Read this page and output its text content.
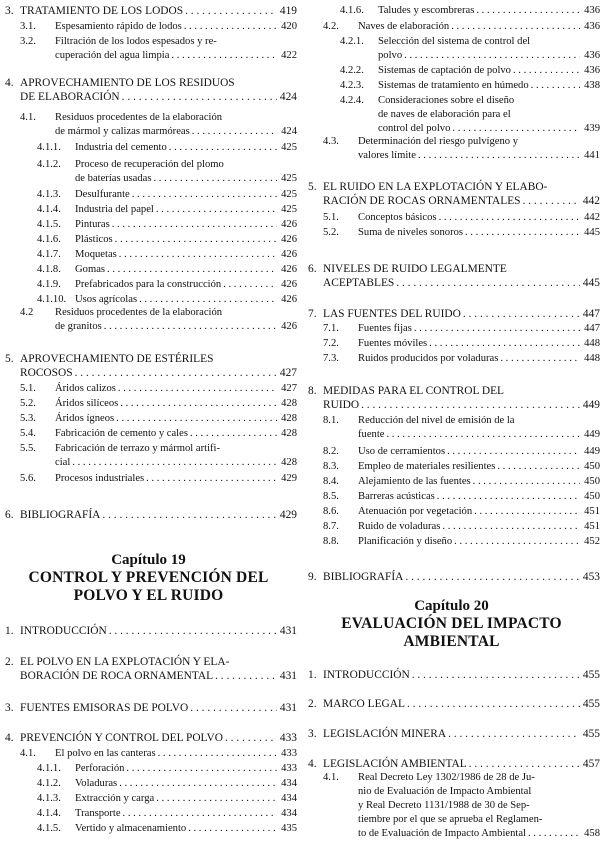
3. TRATAMIENTO DE LOS LODOS . . .	419
3.1.	Espesamiento rápido de lodos . . .	420
3.2.	Filtración de los lodos espesados y re-
cuperación del agua limpia . . .	422
4. APROVECHAMIENTO DE LOS RESIDUOS
DE ELABORACIÓN . . .	424
4.1.	Residuos procedentes de la elaboración
de mármol y calizas marmóreas . . .	424
4.1.1.	Industria del cemento . . .	425
4.1.2.	Proceso de recuperación del plomo
de baterías usadas . . .	425
4.1.3.	Desulfurante . . .	425
4.1.4.	Industria del papel . . .	425
4.1.5.	Pinturas . . .	426
4.1.6.	Plásticos . . .	426
4.1.7.	Moquetas . . .	426
4.1.8.	Gomas . . .	426
4.1.9.	Prefabricados para la construcción . . .	426
4.1.10. Usos agrícolas . . .	426
4.2	Residuos procedentes de la elaboración
de granitos . . .	426
5. APROVECHAMIENTO DE ESTÉRILES
ROCOSOS . . .	427
5.1.	Áridos calizos . . .	427
5.2.	Áridos silíceos . . .	428
5.3.	Áridos ígneos . . .	428
5.4.	Fabricación de cemento y cales . . .	428
5.5.	Fabricación de terrazo y mármol artifi-
cial . . .	428
5.6.	Procesos industriales . . .	429
6. BIBLIOGRAFÍA . . .	429
Capítulo 19
CONTROL Y PREVENCIÓN DEL
POLVO Y EL RUIDO
1. INTRODUCCIÓN . . .	431
2. EL POLVO EN LA EXPLOTACIÓN Y ELA-
BORACIÓN DE ROCA ORNAMENTAL . . .	431
3. FUENTES EMISORAS DE POLVO . . .	431
4. PREVENCIÓN Y CONTROL DEL POLVO . . .	433
4.1.	El polvo en las canteras . . .	433
4.1.1.	Perforación . . .	433
4.1.2.	Voladuras . . .	434
4.1.3.	Extracción y carga . . .	434
4.1.4.	Transporte . . .	434
4.1.5.	Vertido y almacenamiento . . .	435
4.1.6.	Taludes y escombreras . . .	436
4.2.	Naves de elaboración . . .	436
4.2.1.	Selección del sistema de control del
polvo . . .	436
4.2.2.	Sistemas de captación de polvo . . .	436
4.2.3.	Sistemas de tratamiento en húmedo . . .	438
4.2.4.	Consideraciones sobre el diseño
de naves de elaboración para el
control del polvo . . .	439
4.3.	Determinación del riesgo pulvígeno y
valores límite . . .	441
5. EL RUIDO EN LA EXPLOTACIÓN Y ELABO-
RACIÓN DE ROCAS ORNAMENTALES . . .	442
5.1.	Conceptos básicos . . .	442
5.2.	Suma de niveles sonoros . . .	445
6. NIVELES DE RUIDO LEGALMENTE
ACEPTABLES . . .	445
7. LAS FUENTES DEL RUIDO . . .	447
7.1.	Fuentes fijas . . .	447
7.2.	Fuentes móviles . . .	448
7.3.	Ruidos producidos por voladuras . . .	448
8. MEDIDAS PARA EL CONTROL DEL
RUIDO . . .	449
8.1.	Reducción del nivel de emisión de la
fuente . . .	449
8.2.	Uso de cerramientos . . .	449
8.3.	Empleo de materiales resilientes . . .	450
8.4.	Alejamiento de las fuentes . . .	450
8.5.	Barreras acústicas . . .	450
8.6.	Atenuación por vegetación . . .	451
8.7.	Ruido de voladuras . . .	451
8.8.	Planificación y diseño . . .	452
9. BIBLIOGRAFÍA . . .	453
Capítulo 20
EVALUACIÓN DEL IMPACTO
AMBIENTAL
1. INTRODUCCIÓN . . .	455
2. MARCO LEGAL . . .	455
3. LEGISLACIÓN MINERA . . .	455
4. LEGISLACIÓN AMBIENTAL . . .	457
4.1.	Real Decreto Ley 1302/1986 de 28 de Ju-
nio de Evaluación de Impacto Ambiental
y Real Decreto 1131/1988 de 30 de Sep-
tiembre por el que se aprueba el Reglamen-
to de Evaluación de Impacto Ambiental . . .	458
